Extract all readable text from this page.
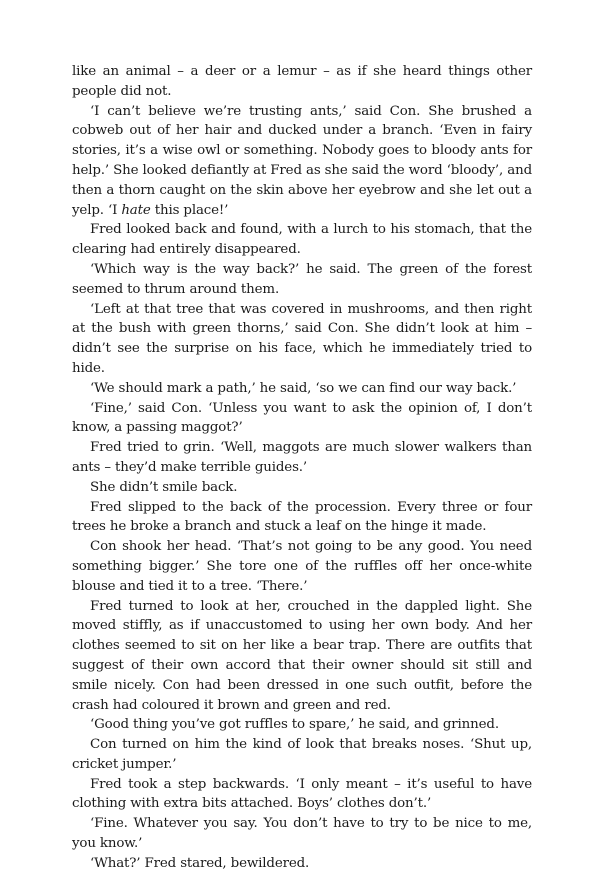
like an animal – a deer or a lemur – as if she heard things other people did not.

‘I can’t believe we’re trusting ants,’ said Con. She brushed a cobweb out of her hair and ducked under a branch. ‘Even in fairy stories, it’s a wise owl or something. Nobody goes to bloody ants for help.’ She looked defiantly at Fred as she said the word ‘bloody’, and then a thorn caught on the skin above her eyebrow and she let out a yelp. ‘I hate this place!’

Fred looked back and found, with a lurch to his stomach, that the clearing had entirely disappeared.

‘Which way is the way back?’ he said. The green of the forest seemed to thrum around them.

‘Left at that tree that was covered in mushrooms, and then right at the bush with green thorns,’ said Con. She didn’t look at him – didn’t see the surprise on his face, which he immediately tried to hide.

‘We should mark a path,’ he said, ‘so we can find our way back.’

‘Fine,’ said Con. ‘Unless you want to ask the opinion of, I don’t know, a passing maggot?’

Fred tried to grin. ‘Well, maggots are much slower walkers than ants – they’d make terrible guides.’

She didn’t smile back.

Fred slipped to the back of the procession. Every three or four trees he broke a branch and stuck a leaf on the hinge it made.

Con shook her head. ‘That’s not going to be any good. You need something bigger.’ She tore one of the ruffles off her once-white blouse and tied it to a tree. ‘There.’

Fred turned to look at her, crouched in the dappled light. She moved stiffly, as if unaccustomed to using her own body. And her clothes seemed to sit on her like a bear trap. There are outfits that suggest of their own accord that their owner should sit still and smile nicely. Con had been dressed in one such outfit, before the crash had coloured it brown and green and red.

‘Good thing you’ve got ruffles to spare,’ he said, and grinned.

Con turned on him the kind of look that breaks noses. ‘Shut up, cricket jumper.’

Fred took a step backwards. ‘I only meant – it’s useful to have clothing with extra bits attached. Boys’ clothes don’t.’

‘Fine. Whatever you say. You don’t have to try to be nice to me, you know.’

‘What?’ Fred stared, bewildered.
